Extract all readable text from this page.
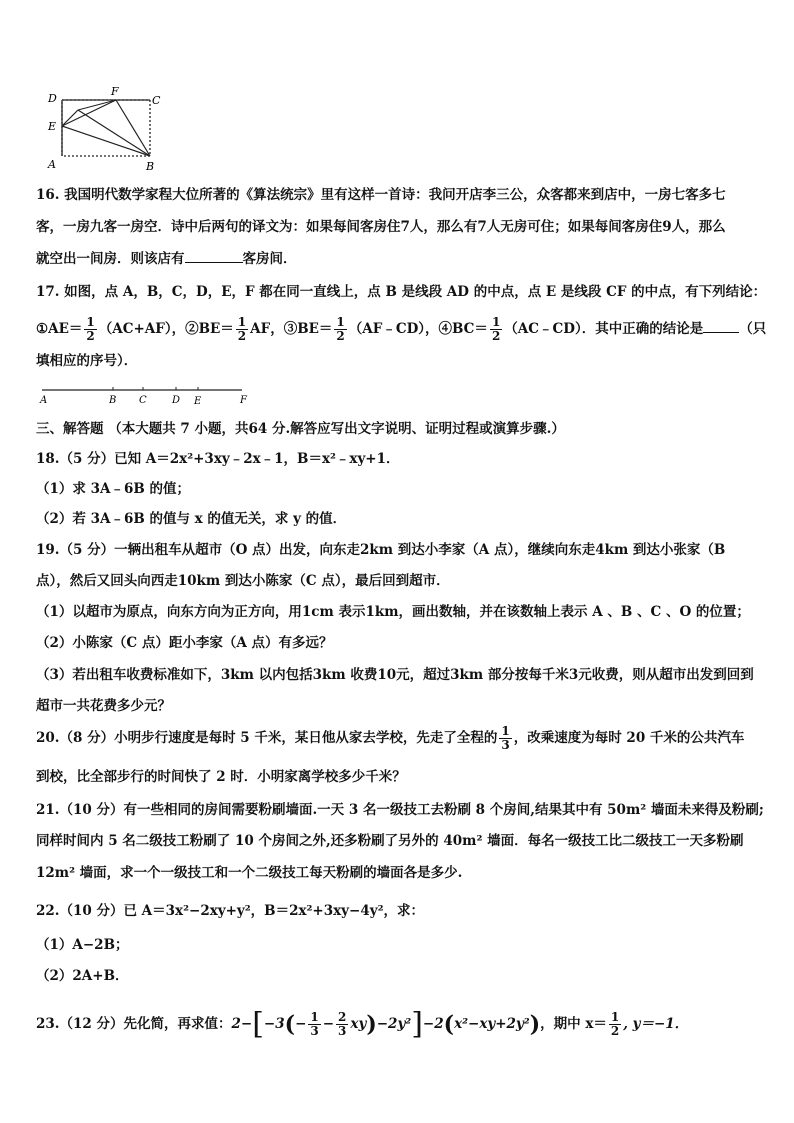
D
F
C
E
A	B
16. 我国明代数学家程大位所著的《算法统宗》里有这样一首诗：我问开店李三公，众客都来到店中，一房七客多七
客，一房九客一房空．诗中后两句的译文为：如果每间客房住7人，那么有7人无房可住；如果每间客房住9人，那么
就空出一间房．则该店有	客房间．
17. 如图，点 A，B，C，D，E，F 都在同一直线上，点 B 是线段 AD 的中点，点 E 是线段 CF 的中点，有下列结论：
①AE＝ $\frac{1}{2} (AC+AF)$，②BE＝ $\frac{1}{2}$ AF，③BE＝ $\frac{1}{2}$ （AF﹣CD），④BC＝ $\frac{1}{2}$ （AC﹣CD）．其中正确的结论是	（只
填相应的序号）．
A	B C	D E	F
三、解答题 （本大题共 7 小题，共64 分.解答应写出文字说明、证明过程或演算步骤.）
18.（5 分）已知 A＝2x²+3xy﹣2x﹣1，B＝x²﹣xy+1．
（1）求 3A﹣6B 的值；
（2）若 3A﹣6B 的值与 x 的值无关，求 y 的值．
19.（5 分）一辆出租车从超市（O 点）出发，向东走2km 到达小李家（A 点），继续向东走4km 到达小张家（B
点），然后又回头向西走10km 到达小陈家（C 点），最后回到超市．
（1）以超市为原点，向东方向为正方向，用1cm 表示1km，画出数轴，并在该数轴上表示 A 、B 、C 、O 的位置；
（2）小陈家（C 点）距小李家（A 点）有多远？
（3）若出租车收费标准如下，3km 以内包括3km 收费10元，超过3km 部分按每千米3元收费，则从超市出发到回到
超市一共花费多少元？
20.（8 分）小明步行速度是每时 5 千米，某日他从家去学校，先走了全程的 $\frac{1}{3}$ ，改乘速度为每时 20 千米的公共汽车
到校，比全部步行的时间快了 2 时．小明家离学校多少千米？
21.（10 分）有一些相同的房间需要粉刷墙面.一天 3 名一级技工去粉刷 8 个房间,结果其中有 50m² 墙面未来得及粉刷;
同样时间内 5 名二级技工粉刷了 10 个房间之外,还多粉刷了另外的 40m² 墙面．每名一级技工比二级技工一天多粉刷
12m² 墙面，求一个一级技工和一个二级技工每天粉刷的墙面各是多少.
22.（10 分）已 A＝3x²−2xy+y²，B＝2x²+3xy−4y²，求：
（1）A−2B；
（2）2A+B．
23.（12 分）先化简，再求值：$2-[-3(- \frac{1}{3} - \frac{2}{3} xy)-2y^2]-2(x^2-xy+2y^2)$，期中 $x= \frac{1}{2}$ , y＝−1．
